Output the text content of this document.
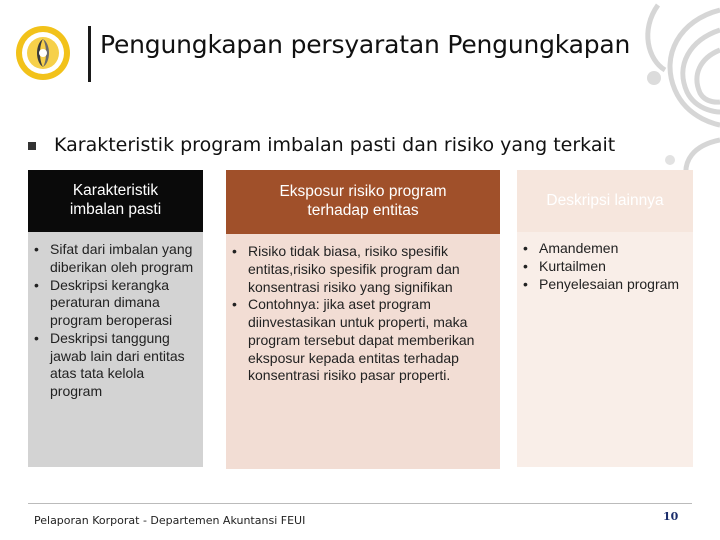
Pengungkapan persyaratan Pengungkapan
Karakteristik program imbalan pasti dan risiko yang terkait
Karakteristik
imbalan pasti
• Sifat dari imbalan yang diberikan oleh program
• Deskripsi kerangka peraturan dimana program beroperasi
• Deskripsi tanggung jawab lain dari entitas atas tata kelola program
Eksposur risiko program
terhadap entitas
• Risiko tidak biasa, risiko spesifik entitas,risiko spesifik program dan konsentrasi risiko yang signifikan
• Contohnya: jika aset program diinvestasikan untuk properti, maka program tersebut dapat memberikan eksposur kepada entitas terhadap konsentrasi risiko pasar properti.
Deskripsi lainnya
• Amandemen
• Kurtailmen
• Penyelesaian program
Pelaporan Korporat - Departemen Akuntansi FEUI	10
